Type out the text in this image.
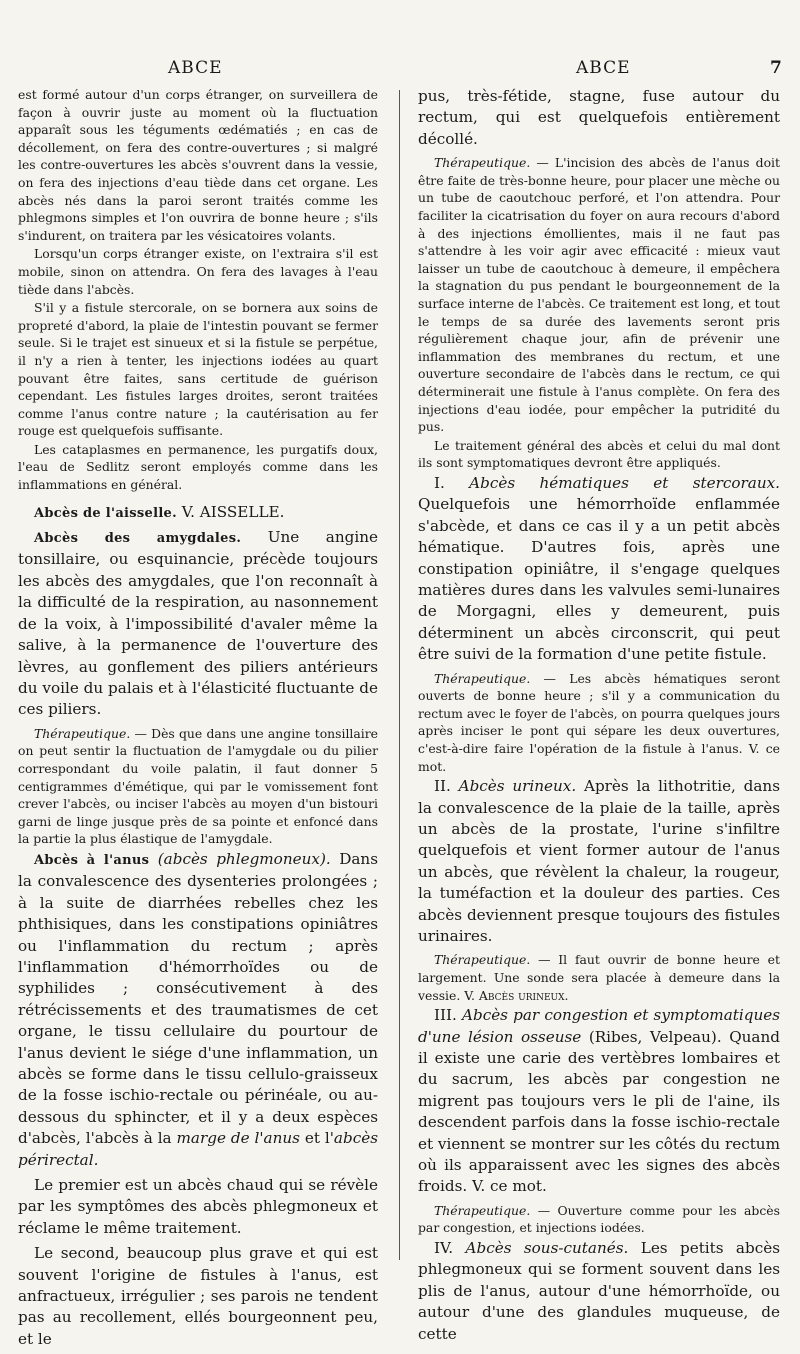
ABCE	ABCE	7

est formé autour d'un corps étranger, on surveillera de façon à ouvrir juste au moment où la fluctuation apparaît sous les téguments œdématiés ; en cas de décollement, on fera des contre-ouvertures ; si malgré les contre-ouvertures les abcès s'ouvrent dans la vessie, on fera des injections d'eau tiède dans cet organe. Les abcès nés dans la paroi seront traités comme les phlegmons simples et l'on ouvrira de bonne heure ; s'ils s'indurent, on traitera par les vésicatoires volants.

Lorsqu'un corps étranger existe, on l'extraira s'il est mobile, sinon on attendra. On fera des lavages à l'eau tiède dans l'abcès.

S'il y a fistule stercorale, on se bornera aux soins de propreté d'abord, la plaie de l'intestin pouvant se fermer seule. Si le trajet est sinueux et si la fistule se perpétue, il n'y a rien à tenter, les injections iodées au quart pouvant être faites, sans certitude de guérison cependant. Les fistules larges droites, seront traitées comme l'anus contre nature ; la cautérisation au fer rouge est quelquefois suffisante.

Les cataplasmes en permanence, les purgatifs doux, l'eau de Sedlitz seront employés comme dans les inflammations en général.

Abcès de l'aisselle. V. AISSELLE.

Abcès des amygdales. Une angine tonsillaire, ou esquinancie, précède toujours les abcès des amygdales, que l'on reconnaît à la difficulté de la respiration, au nasonnement de la voix, à l'impossibilité d'avaler même la salive, à la permanence de l'ouverture des lèvres, au gonflement des piliers antérieurs du voile du palais et à l'élasticité fluctuante de ces piliers.

Thérapeutique. — Dès que dans une angine tonsillaire on peut sentir la fluctuation de l'amygdale ou du pilier correspondant du voile palatin, il faut donner 5 centigrammes d'émétique, qui par le vomissement font crever l'abcès, ou inciser l'abcès au moyen d'un bistouri garni de linge jusque près de sa pointe et enfoncé dans la partie la plus élastique de l'amygdale.

Abcès à l'anus (abcès phlegmoneux). Dans la convalescence des dysenteries prolongées ; à la suite de diarrhées rebelles chez les phthisiques, dans les constipations opiniâtres ou l'inflammation du rectum ; après l'inflammation d'hémorrhoïdes ou de syphilides ; consécutivement à des rétrécissements et des traumatismes de cet organe, le tissu cellulaire du pourtour de l'anus devient le siége d'une inflammation, un abcès se forme dans le tissu cellulo-graisseux de la fosse ischio-rectale ou périnéale, ou au-dessous du sphincter, et il y a deux espèces d'abcès, l'abcès à la marge de l'anus et l'abcès périrectal.

Le premier est un abcès chaud qui se révèle par les symptômes des abcès phlegmoneux et réclame le même traitement.

Le second, beaucoup plus grave et qui est souvent l'origine de fistules à l'anus, est anfractueux, irrégulier ; ses parois ne tendent pas au recollement, ellés bourgeonnent peu, et le

pus, très-fétide, stagne, fuse autour du rectum, qui est quelquefois entièrement décollé.

Thérapeutique. — L'incision des abcès de l'anus doit être faite de très-bonne heure, pour placer une mèche ou un tube de caoutchouc perforé, et l'on attendra. Pour faciliter la cicatrisation du foyer on aura recours d'abord à des injections émollientes, mais il ne faut pas s'attendre à les voir agir avec efficacité : mieux vaut laisser un tube de caoutchouc à demeure, il empêchera la stagnation du pus pendant le bourgeonnement de la surface interne de l'abcès. Ce traitement est long, et tout le temps de sa durée des lavements seront pris régulièrement chaque jour, afin de prévenir une inflammation des membranes du rectum, et une ouverture secondaire de l'abcès dans le rectum, ce qui déterminerait une fistule à l'anus complète. On fera des injections d'eau iodée, pour empêcher la putridité du pus.

Le traitement général des abcès et celui du mal dont ils sont symptomatiques devront être appliqués.

I. Abcès hématiques et stercoraux. Quelquefois une hémorrhoïde enflammée s'abcède, et dans ce cas il y a un petit abcès hématique. D'autres fois, après une constipation opiniâtre, il s'engage quelques matières dures dans les valvules semi-lunaires de Morgagni, elles y demeurent, puis déterminent un abcès circonscrit, qui peut être suivi de la formation d'une petite fistule.

Thérapeutique. — Les abcès hématiques seront ouverts de bonne heure ; s'il y a communication du rectum avec le foyer de l'abcès, on pourra quelques jours après inciser le pont qui sépare les deux ouvertures, c'est-à-dire faire l'opération de la fistule à l'anus. V. ce mot.

II. Abcès urineux. Après la lithotritie, dans la convalescence de la plaie de la taille, après un abcès de la prostate, l'urine s'infiltre quelquefois et vient former autour de l'anus un abcès, que révèlent la chaleur, la rougeur, la tuméfaction et la douleur des parties. Ces abcès deviennent presque toujours des fistules urinaires.

Thérapeutique. — Il faut ouvrir de bonne heure et largement. Une sonde sera placée à demeure dans la vessie. V. Abcès urineux.

III. Abcès par congestion et symptomatiques d'une lésion osseuse (Ribes, Velpeau). Quand il existe une carie des vertèbres lombaires et du sacrum, les abcès par congestion ne migrent pas toujours vers le pli de l'aine, ils descendent parfois dans la fosse ischio-rectale et viennent se montrer sur les côtés du rectum où ils apparaissent avec les signes des abcès froids. V. ce mot.

Thérapeutique. — Ouverture comme pour les abcès par congestion, et injections iodées.

IV. Abcès sous-cutanés. Les petits abcès phlegmoneux qui se forment souvent dans les plis de l'anus, autour d'une hémorrhoïde, ou autour d'une des glandules muqueuse, de cette
